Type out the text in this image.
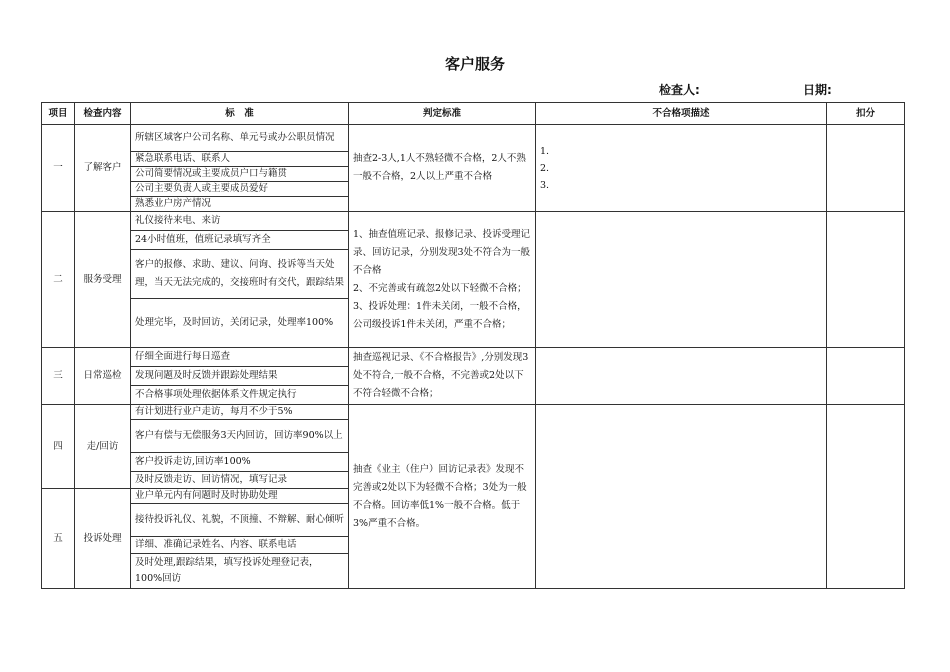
客户服务
检查人:	日期:
项目	检查内容	标　准	判定标准	不合格项描述	扣分
一	了解客户	所辖区域客户公司名称、单元号或办公职员情况	抽查2-3人,1人不熟轻微不合格，2人不熟一般不合格，2人以上严重不合格	1.
2.
3.	

		紧急联系电话、联系人			
		公司简要情况或主要成员户口与籍贯			
		公司主要负责人或主要成员爱好			
		熟悉业户房产情况			
二	服务受理	礼仪接待来电、来访	1、抽查值班记录、报修记录、投诉受理记录、回访记录，分别发现3处不符合为一般不合格
2、不完善或有疏忽2处以下轻微不合格；
3、投诉处理：1件未关闭，一般不合格，公司级投诉1件未关闭，严重不合格；		

		24小时值班，值班记录填写齐全			
		客户的报修、求助、建议、问询、投诉等当天处理，当天无法完成的，交接班时有交代，跟踪结果			
		处理完毕，及时回访，关闭记录，处理率100%			
三	日常巡检	仔细全面进行每日巡查	抽查巡视记录、《不合格报告》,分别发现3处不符合,一般不合格，不完善或2处以下不符合轻微不合格；		
		发现问题及时反馈并跟踪处理结果			
		不合格事项处理依据体系文件规定执行			
四	走/回访	有计划进行业户走访，每月不少于5%	抽查《业主（住户）回访记录表》发现不完善或2处以下为轻微不合格；3处为一般不合格。回访率低1%一般不合格。低于3%严重不合格。		
		客户有偿与无偿服务3天内回访，回访率90%以上			
		客户投诉走访,回访率100%			
		及时反馈走访、回访情况，填写记录			
五	投诉处理	业户单元内有问题时及时协助处理			
		接待投诉礼仪、礼貌，不顶撞、不辩解、耐心倾听			
		详细、准确记录姓名、内容、联系电话			
		及时处理,跟踪结果，填写投诉处理登记表，100%回访			
